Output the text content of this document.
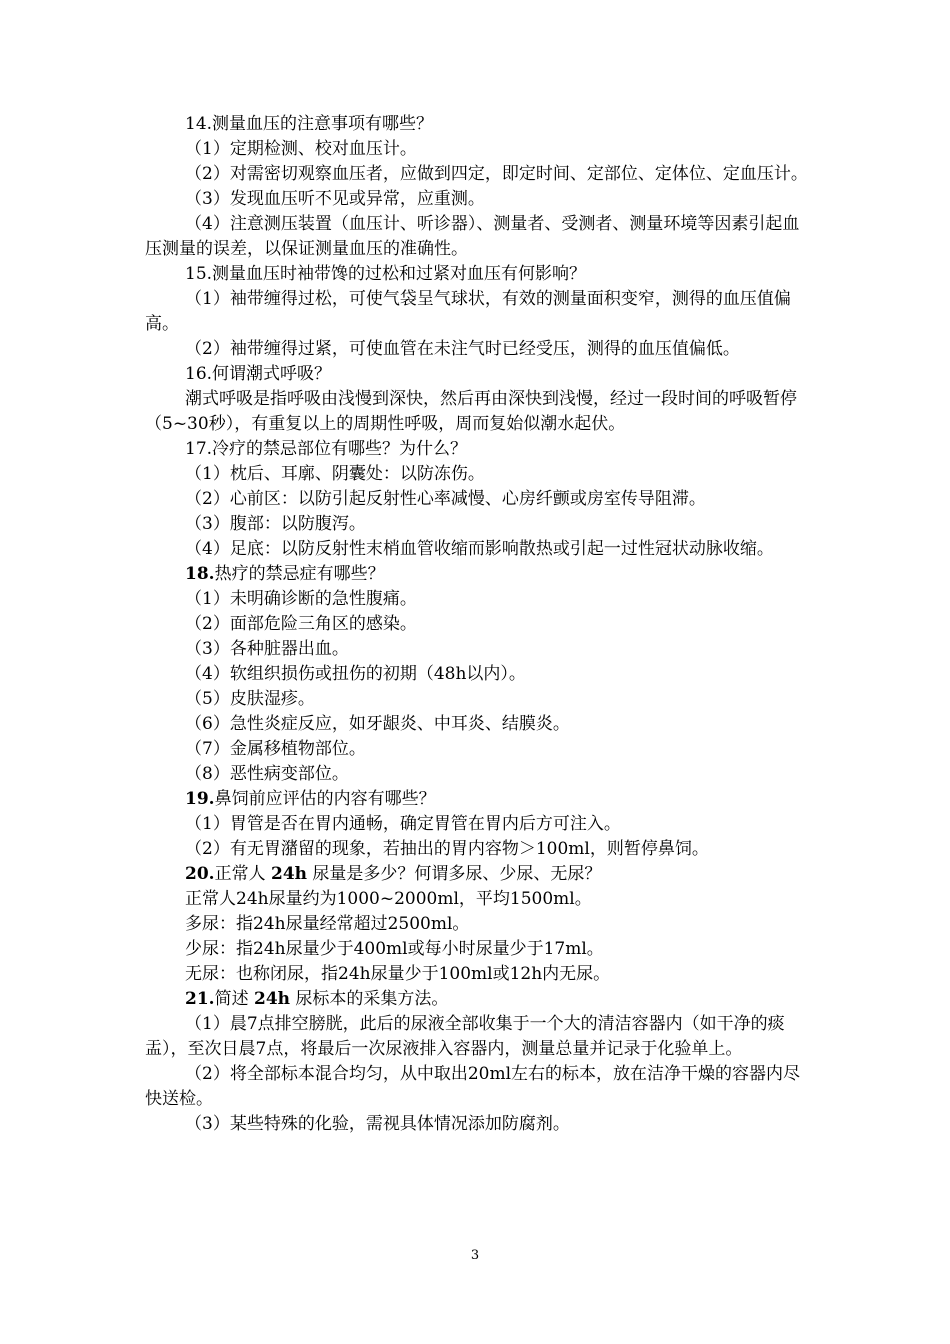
14.测量血压的注意事项有哪些？

（1）定期检测、校对血压计。

（2）对需密切观察血压者，应做到四定，即定时间、定部位、定体位、定血压计。

（3）发现血压听不见或异常，应重测。

（4）注意测压装置（血压计、听诊器）、测量者、受测者、测量环境等因素引起血压测量的误差，以保证测量血压的准确性。

15.测量血压时袖带馋的过松和过紧对血压有何影响？

（1）袖带缠得过松，可使气袋呈气球状，有效的测量面积变窄，测得的血压值偏高。

（2）袖带缠得过紧，可使血管在未注气时已经受压，测得的血压值偏低。

16.何谓潮式呼吸？

潮式呼吸是指呼吸由浅慢到深快，然后再由深快到浅慢，经过一段时间的呼吸暂停（5~30秒），有重复以上的周期性呼吸，周而复始似潮水起伏。

17.冷疗的禁忌部位有哪些？为什么？

（1）枕后、耳廓、阴囊处：以防冻伤。

（2）心前区：以防引起反射性心率减慢、心房纤颤或房室传导阻滞。

（3）腹部：以防腹泻。

（4）足底：以防反射性末梢血管收缩而影响散热或引起一过性冠状动脉收缩。

18.热疗的禁忌症有哪些？

（1）未明确诊断的急性腹痛。

（2）面部危险三角区的感染。

（3）各种脏器出血。

（4）软组织损伤或扭伤的初期（48h以内）。

（5）皮肤湿疹。

（6）急性炎症反应，如牙龈炎、中耳炎、结膜炎。

（7）金属移植物部位。

（8）恶性病变部位。

19.鼻饲前应评估的内容有哪些？

（1）胃管是否在胃内通畅，确定胃管在胃内后方可注入。

（2）有无胃潴留的现象，若抽出的胃内容物＞100ml，则暂停鼻饲。

20.正常人 24h 尿量是多少？何谓多尿、少尿、无尿？

正常人24h尿量约为1000~2000ml，平均1500ml。

多尿：指24h尿量经常超过2500ml。

少尿：指24h尿量少于400ml或每小时尿量少于17ml。

无尿：也称闭尿，指24h尿量少于100ml或12h内无尿。

21.简述 24h 尿标本的采集方法。

（1）晨7点排空膀胱，此后的尿液全部收集于一个大的清洁容器内（如干净的痰盂），至次日晨7点，将最后一次尿液排入容器内，测量总量并记录于化验单上。

（2）将全部标本混合均匀，从中取出20ml左右的标本，放在洁净干燥的容器内尽快送检。

（3）某些特殊的化验，需视具体情况添加防腐剂。

3
